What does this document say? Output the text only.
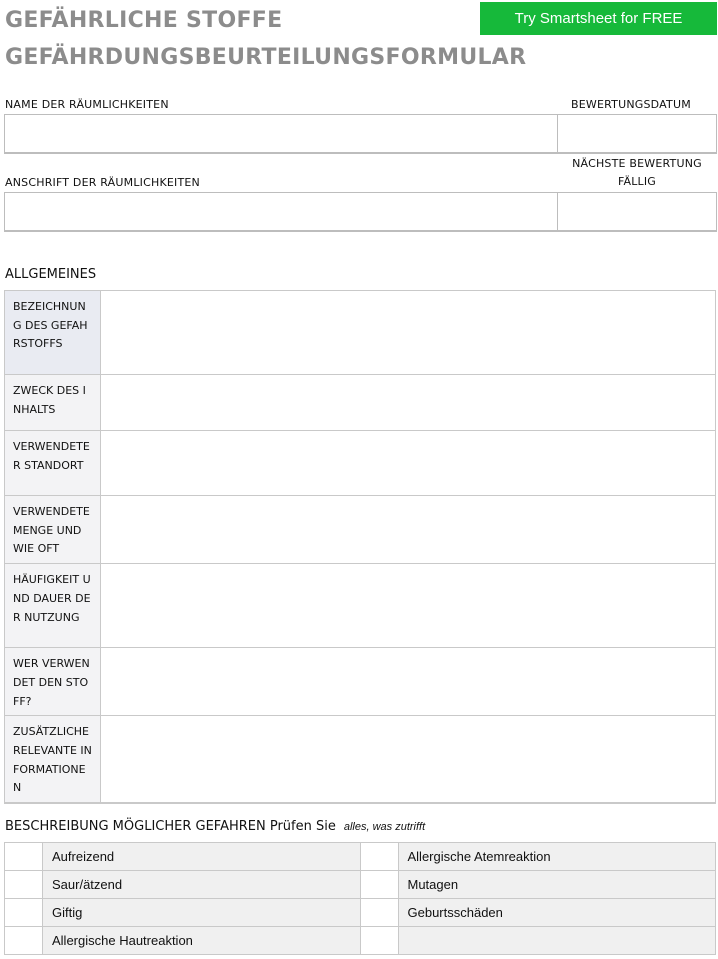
GEFÄHRLICHE STOFFE
GEFÄHRDUNGSBEURTEILUNGSFORMULAR
Try Smartsheet for FREE
NAME DER RÄUMLICHKEITEN	BEWERTUNGSDATUM
NÄCHSTE BEWERTUNG FÄLLIG
ANSCHRIFT DER RÄUMLICHKEITEN
ALLGEMEINES
BEZEICHNUNG DES GEFAHRSTOFFS	
ZWECK DES INHALTS	
VERWENDETER STANDORT	
VERWENDETE MENGE UND WIE OFT	
HÄUFIGKEIT UND DAUER DER NUTZUNG	
WER VERWENDET DEN STOFF?	
ZUSÄTZLICHE RELEVANTE INFORMATIONEN	
BESCHREIBUNG MÖGLICHER GEFAHREN Prüfen Sie alles, was zutrifft
	Aufreizend		Allergische Atemreaktion
	Saur/ätzend		Mutagen
	Giftig		Geburtsschäden
	Allergische Hautreaktion		
